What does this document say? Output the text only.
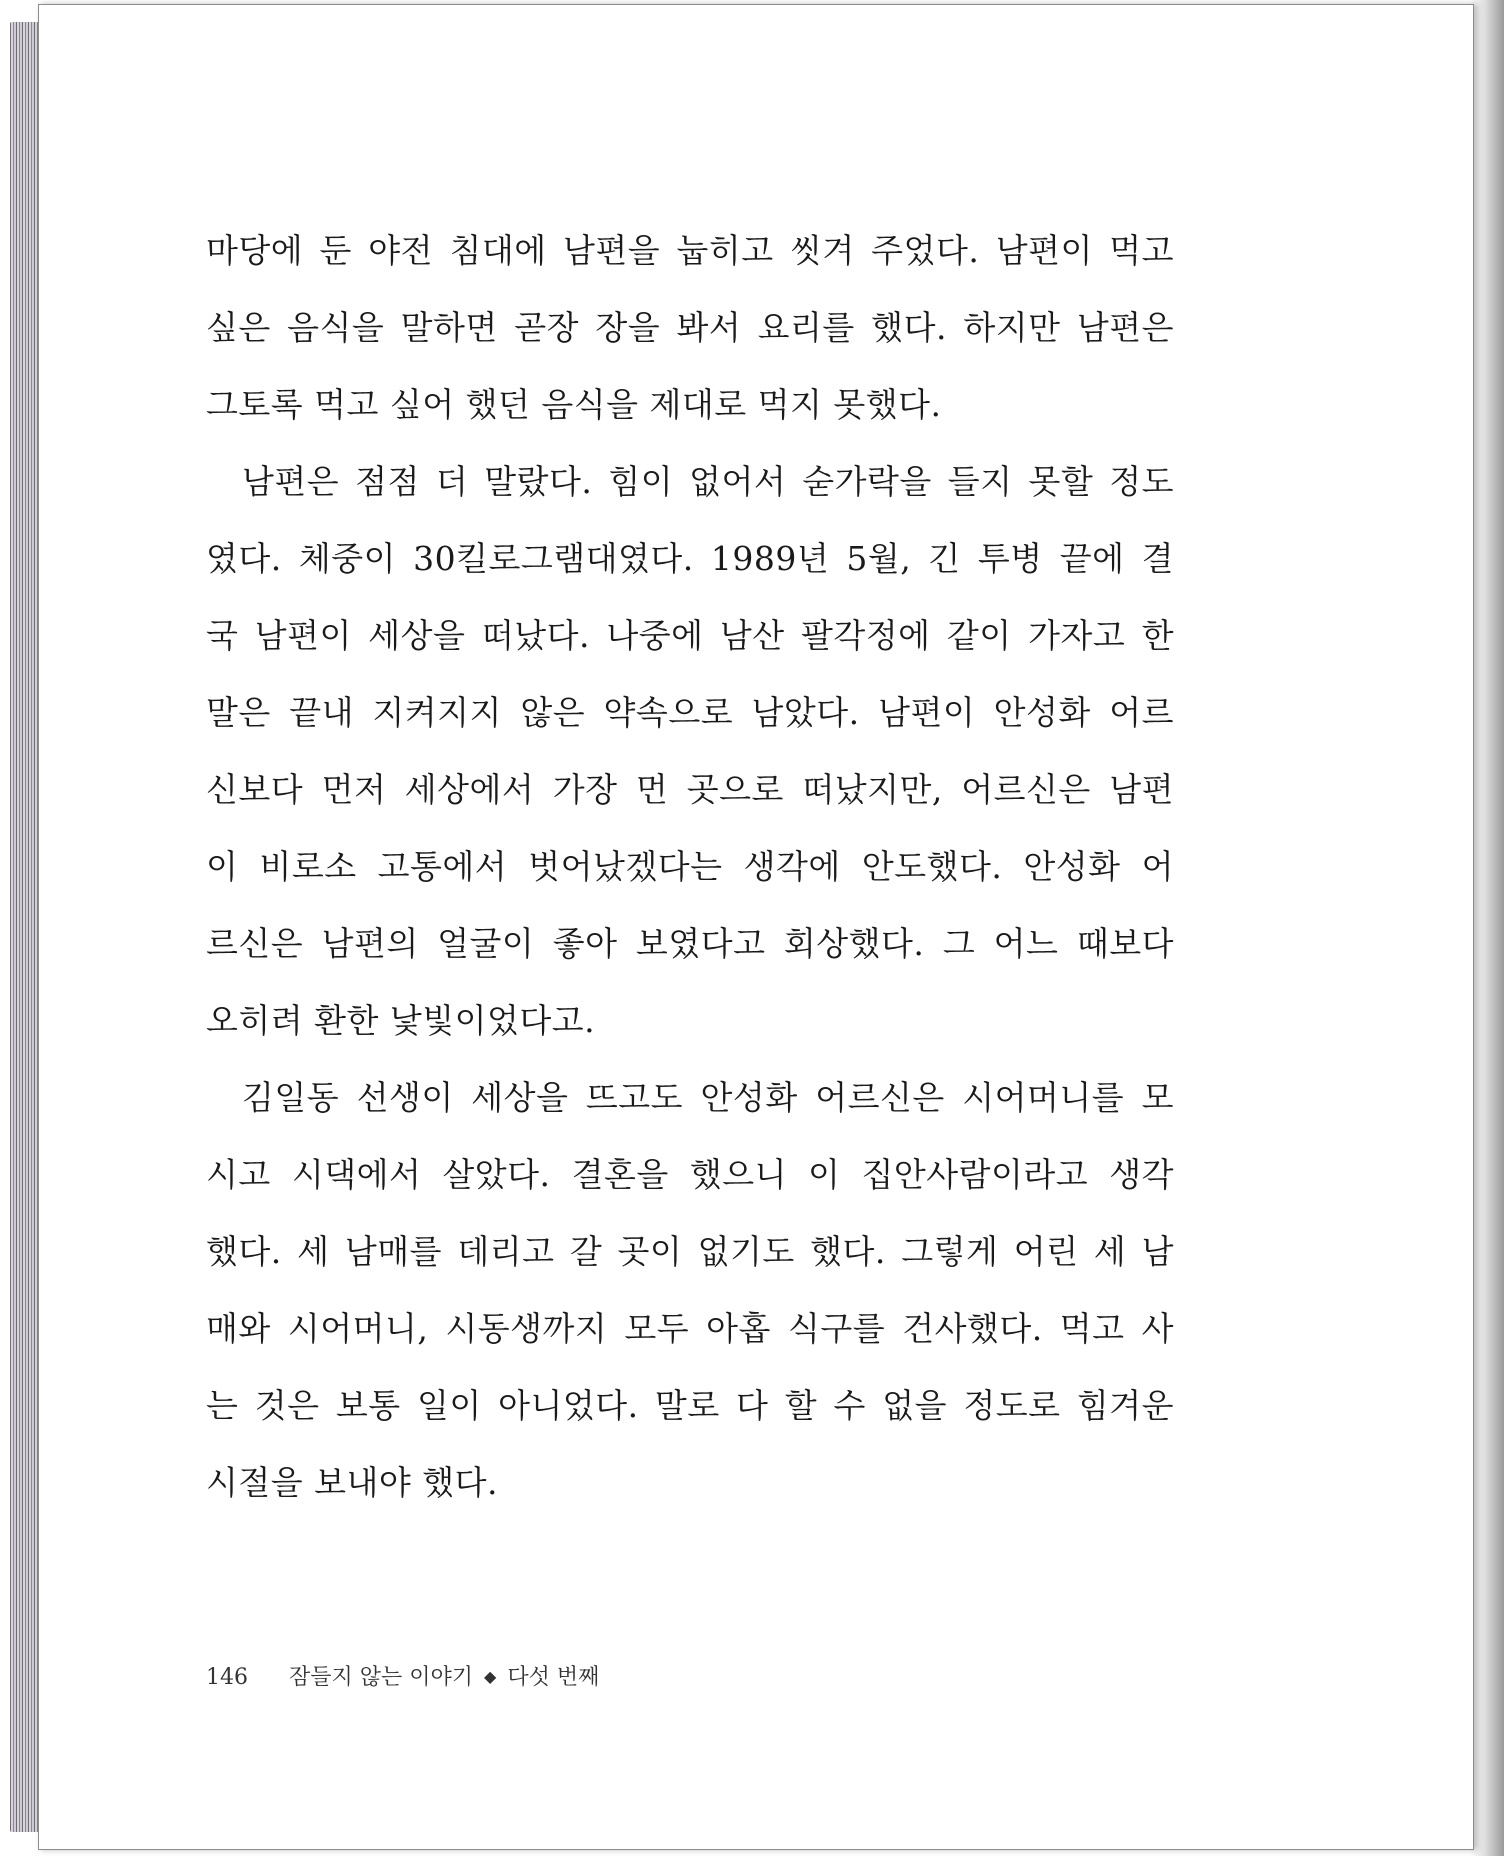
마당에 둔 야전 침대에 남편을 눕히고 씻겨 주었다. 남편이 먹고
싶은 음식을 말하면 곧장 장을 봐서 요리를 했다. 하지만 남편은
그토록 먹고 싶어 했던 음식을 제대로 먹지 못했다.
남편은 점점 더 말랐다. 힘이 없어서 숟가락을 들지 못할 정도
였다. 체중이 30킬로그램대였다. 1989년 5월, 긴 투병 끝에 결
국 남편이 세상을 떠났다. 나중에 남산 팔각정에 같이 가자고 한
말은 끝내 지켜지지 않은 약속으로 남았다. 남편이 안성화 어르
신보다 먼저 세상에서 가장 먼 곳으로 떠났지만, 어르신은 남편
이 비로소 고통에서 벗어났겠다는 생각에 안도했다. 안성화 어
르신은 남편의 얼굴이 좋아 보였다고 회상했다. 그 어느 때보다
오히려 환한 낯빛이었다고.
김일동 선생이 세상을 뜨고도 안성화 어르신은 시어머니를 모
시고 시댁에서 살았다. 결혼을 했으니 이 집안사람이라고 생각
했다. 세 남매를 데리고 갈 곳이 없기도 했다. 그렇게 어린 세 남
매와 시어머니, 시동생까지 모두 아홉 식구를 건사했다. 먹고 사
는 것은 보통 일이 아니었다. 말로 다 할 수 없을 정도로 힘겨운
시절을 보내야 했다.
146 잠들지 않는 이야기 ◆ 다섯 번째
